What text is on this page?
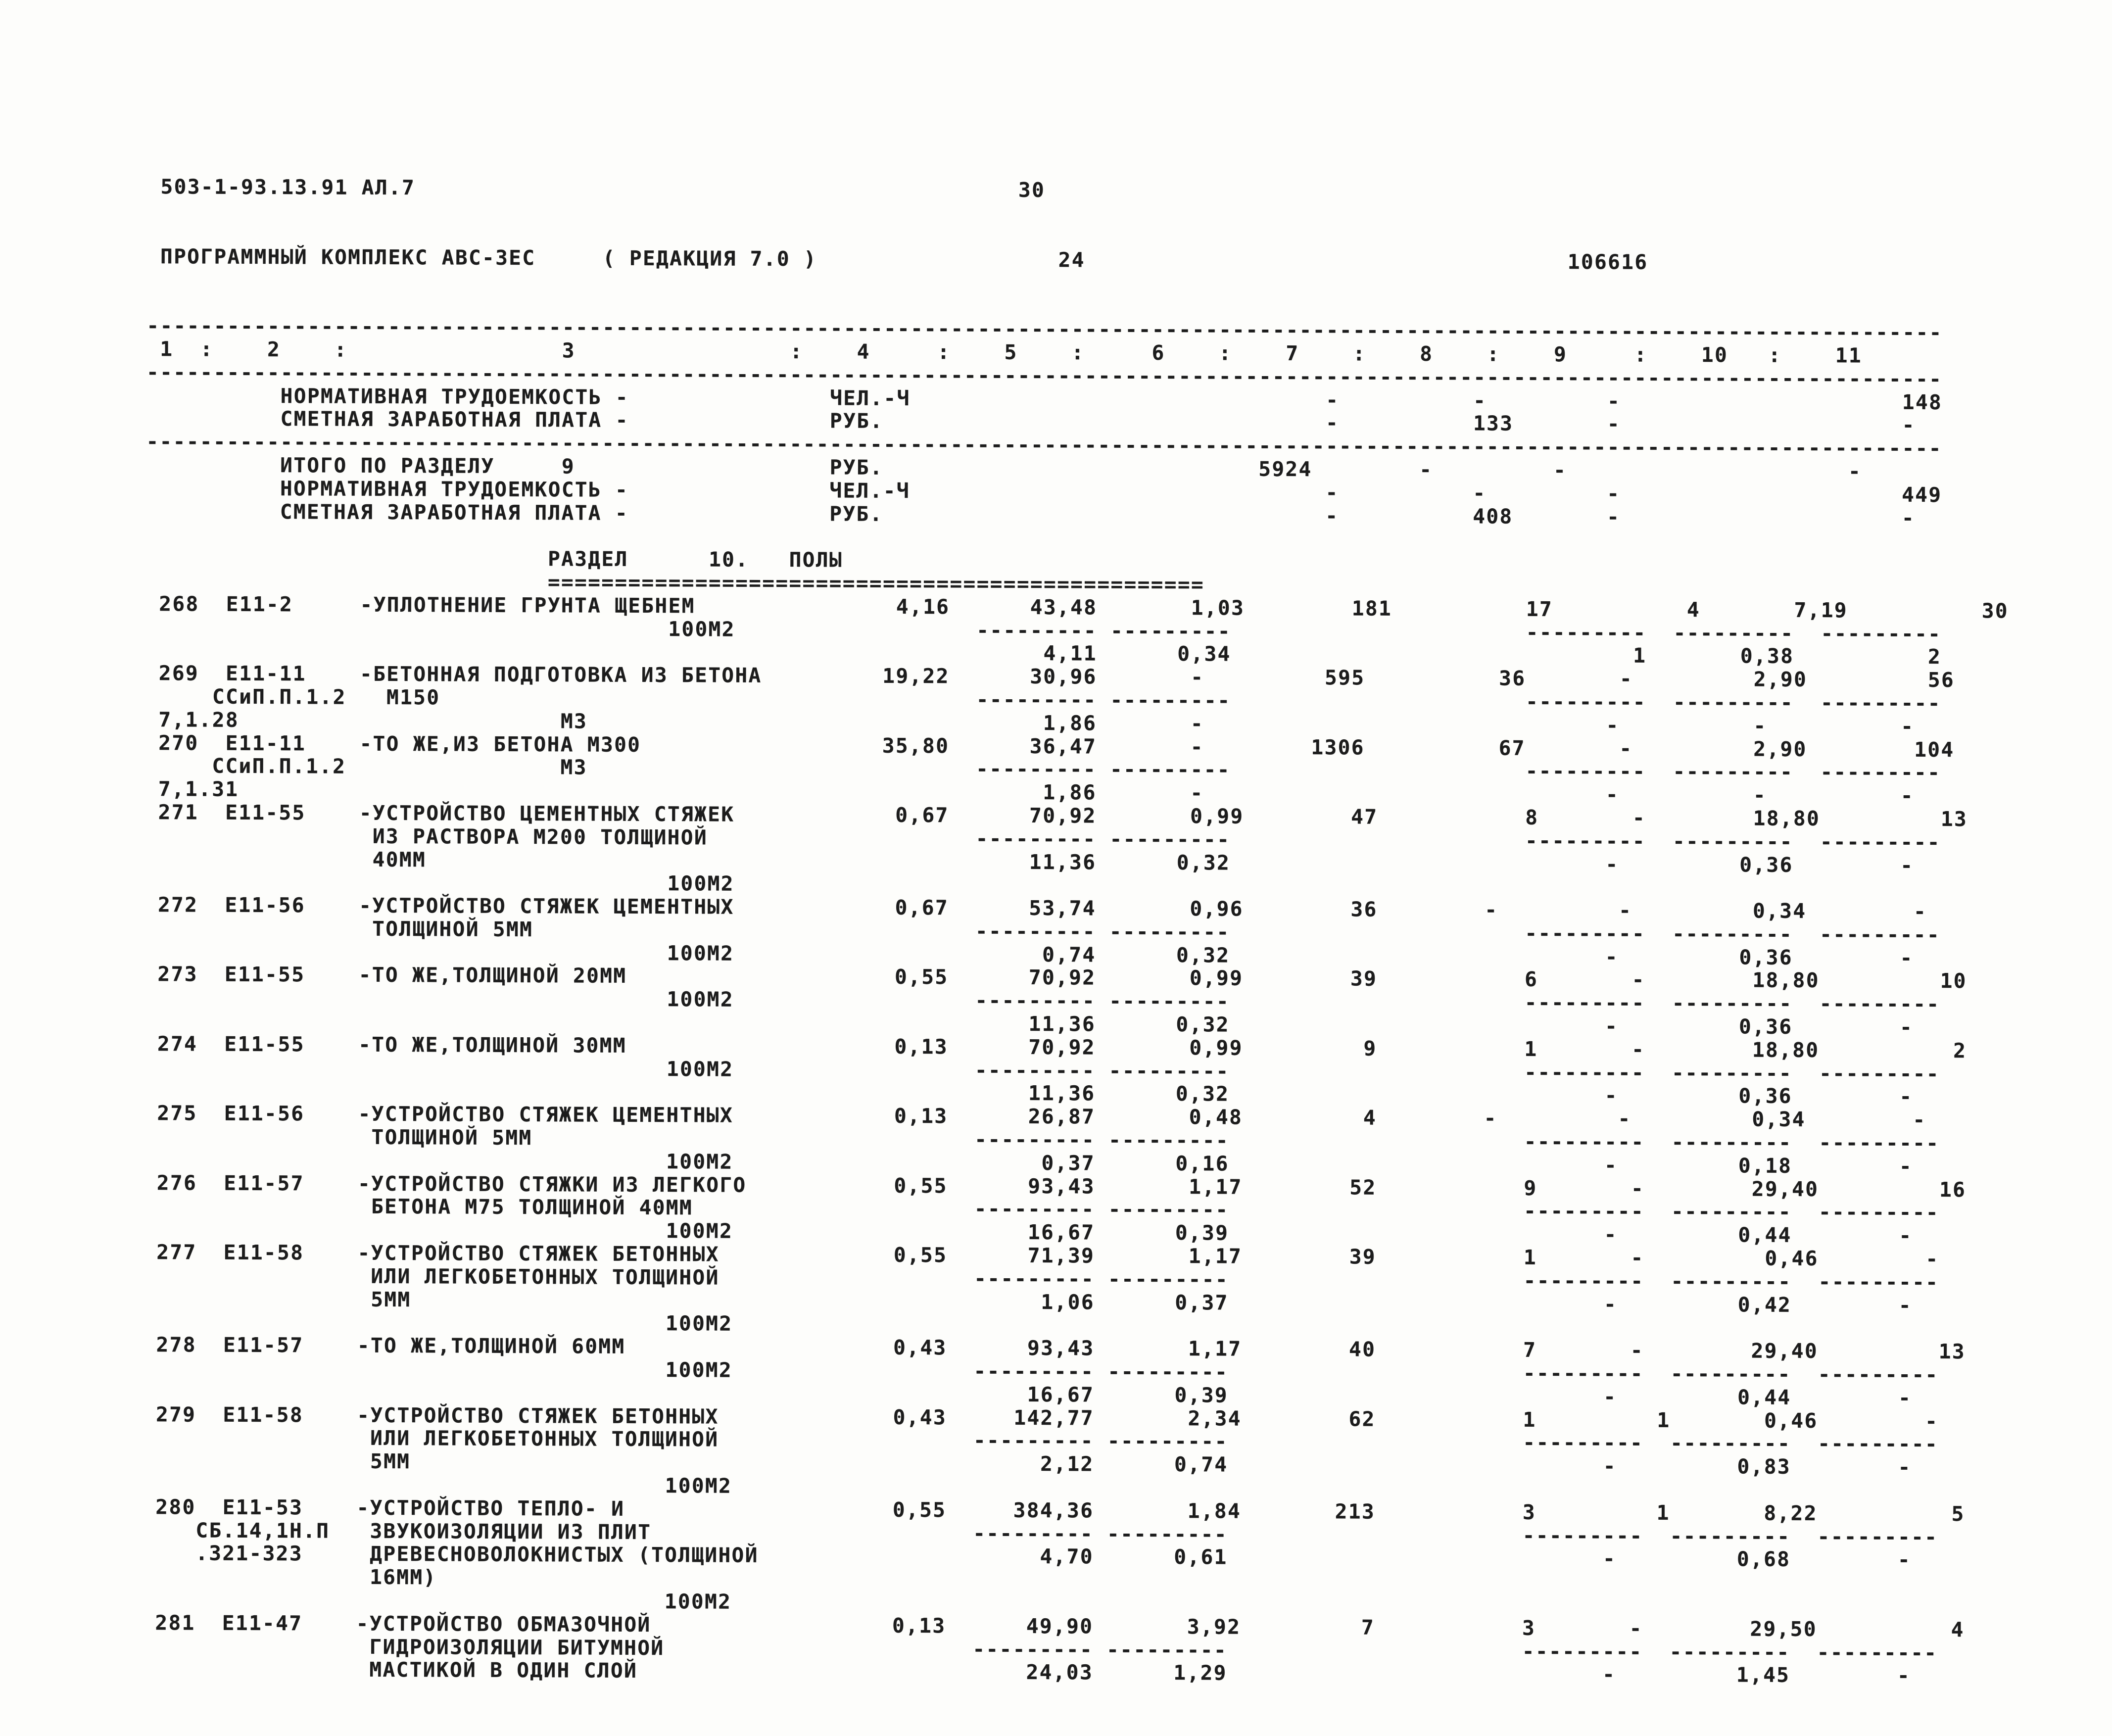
503-1-93.13.91 АЛ.7                                             30
ПРОГРАММНЫЙ КОМПЛЕКС АВС-3ЕС     ( РЕДАКЦИЯ 7.0 )                  24                                    106616
--------------------------------------------------------------------------------------------------------------------------------------
1  :    2    :                3                :    4     :    5    :     6    :    7    :    8    :    9     :    10   :    11
--------------------------------------------------------------------------------------------------------------------------------------
НОРМАТИВНАЯ ТРУДОЕМКОСТЬ -               ЧЕЛ.-Ч                               -          -         -                     148
СМЕТНАЯ ЗАРАБОТНАЯ ПЛАТА -               РУБ.                                 -          133       -                     -
--------------------------------------------------------------------------------------------------------------------------------------
ИТОГО ПО РАЗДЕЛУ     9                   РУБ.                            5924        -         -                     -
НОРМАТИВНАЯ ТРУДОЕМКОСТЬ -               ЧЕЛ.-Ч                               -          -         -                     449
СМЕТНАЯ ЗАРАБОТНАЯ ПЛАТА -               РУБ.                                 -          408       -                     -
РАЗДЕЛ      10.   ПОЛЫ
=================================================
268  Е11-2     -УПЛОТНЕНИЕ ГРУНТА ЩЕБНЕМ               4,16      43,48       1,03        181          17          4       7,19          30
100М2                  --------- ---------                      ---------  ---------  ---------
4,11      0,34                              1       0,38          2
269  Е11-11    -БЕТОННАЯ ПОДГОТОВКА ИЗ БЕТОНА         19,22      30,96       -         595          36       -         2,90         56
ССиП.П.1.2   М150                                        --------- ---------                      ---------  ---------  ---------
7,1.28                        М3                                  1,86       -                              -          -          -
270  Е11-11    -ТО ЖЕ,ИЗ БЕТОНА М300                  35,80      36,47       -        1306          67       -         2,90        104
ССиП.П.1.2                М3                             --------- ---------                      ---------  ---------  ---------
7,1.31                                                            1,86       -                              -          -          -
271  Е11-55    -УСТРОЙСТВО ЦЕМЕНТНЫХ СТЯЖЕК            0,67      70,92       0,99        47           8       -        18,80         13
ИЗ РАСТВОРА М200 ТОЛЩИНОЙ                    --------- ---------                      ---------  ---------  ---------
40ММ                                             11,36      0,32                            -         0,36        -
100М2
272  Е11-56    -УСТРОЙСТВО СТЯЖЕК ЦЕМЕНТНЫХ            0,67      53,74       0,96        36        -         -         0,34        -
ТОЛЩИНОЙ 5ММ                                 --------- ---------                      ---------  ---------  ---------
100М2                       0,74      0,32                            -         0,36        -
273  Е11-55    -ТО ЖЕ,ТОЛЩИНОЙ 20ММ                    0,55      70,92       0,99        39           6       -        18,80         10
100М2                  --------- ---------                      ---------  ---------  ---------
11,36      0,32                            -         0,36        -
274  Е11-55    -ТО ЖЕ,ТОЛЩИНОЙ 30ММ                    0,13      70,92       0,99         9           1       -        18,80          2
100М2                  --------- ---------                      ---------  ---------  ---------
11,36      0,32                            -         0,36        -
275  Е11-56    -УСТРОЙСТВО СТЯЖЕК ЦЕМЕНТНЫХ            0,13      26,87       0,48         4        -         -         0,34        -
ТОЛЩИНОЙ 5ММ                                 --------- ---------                      ---------  ---------  ---------
100М2                       0,37      0,16                            -         0,18        -
276  Е11-57    -УСТРОЙСТВО СТЯЖКИ ИЗ ЛЕГКОГО           0,55      93,43       1,17        52           9       -        29,40         16
БЕТОНА М75 ТОЛЩИНОЙ 40ММ                     --------- ---------                      ---------  ---------  ---------
100М2                      16,67      0,39                            -         0,44        -
277  Е11-58    -УСТРОЙСТВО СТЯЖЕК БЕТОННЫХ             0,55      71,39       1,17        39           1       -         0,46        -
ИЛИ ЛЕГКОБЕТОННЫХ ТОЛЩИНОЙ                   --------- ---------                      ---------  ---------  ---------
5ММ                                               1,06      0,37                            -         0,42        -
100М2
278  Е11-57    -ТО ЖЕ,ТОЛЩИНОЙ 60ММ                    0,43      93,43       1,17        40           7       -        29,40         13
100М2                  --------- ---------                      ---------  ---------  ---------
16,67      0,39                            -         0,44        -
279  Е11-58    -УСТРОЙСТВО СТЯЖЕК БЕТОННЫХ             0,43     142,77       2,34        62           1         1       0,46        -
ИЛИ ЛЕГКОБЕТОННЫХ ТОЛЩИНОЙ                   --------- ---------                      ---------  ---------  ---------
5ММ                                               2,12      0,74                            -         0,83        -
100М2
280  Е11-53    -УСТРОЙСТВО ТЕПЛО- И                    0,55     384,36       1,84       213           3         1       8,22          5
СБ.14,1Н.П   ЗВУКОИЗОЛЯЦИИ ИЗ ПЛИТ                        --------- ---------                      ---------  ---------  ---------
.321-323     ДРЕВЕСНОВОЛОКНИСТЫХ (ТОЛЩИНОЙ                     4,70      0,61                            -         0,68        -
16ММ)
100М2
281  Е11-47    -УСТРОЙСТВО ОБМАЗОЧНОЙ                  0,13      49,90       3,92         7           3       -        29,50          4
ГИДРОИЗОЛЯЦИИ БИТУМНОЙ                       --------- ---------                      ---------  ---------  ---------
МАСТИКОЙ В ОДИН СЛОЙ                             24,03      1,29                            -         1,45        -
